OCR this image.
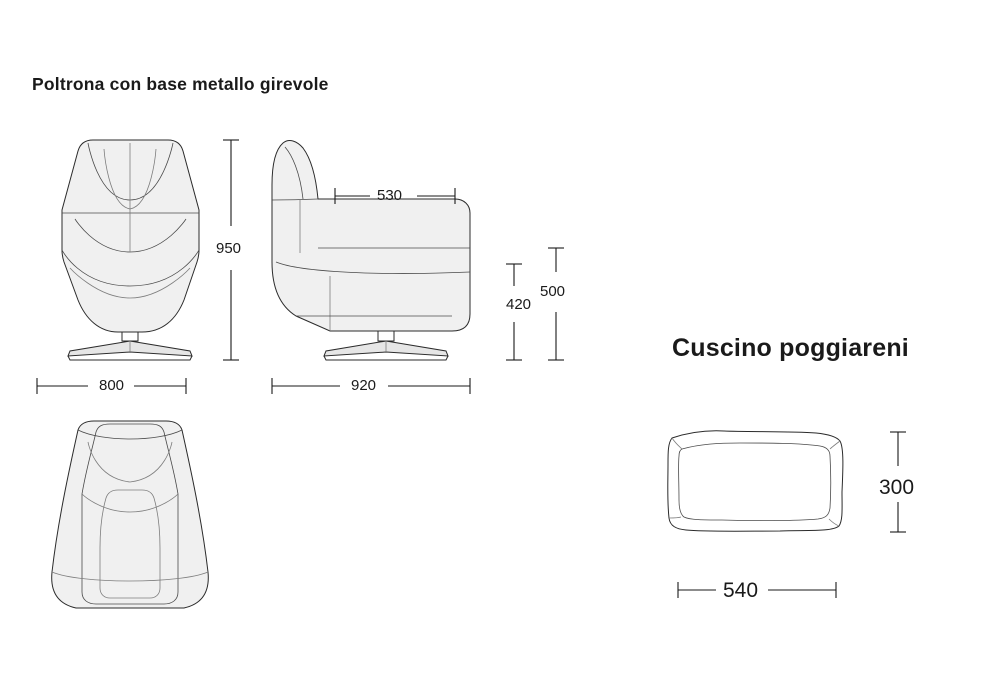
Poltrona con base metallo girevole
Cuscino poggiareni
950
800
530
920
420
500
300
540
